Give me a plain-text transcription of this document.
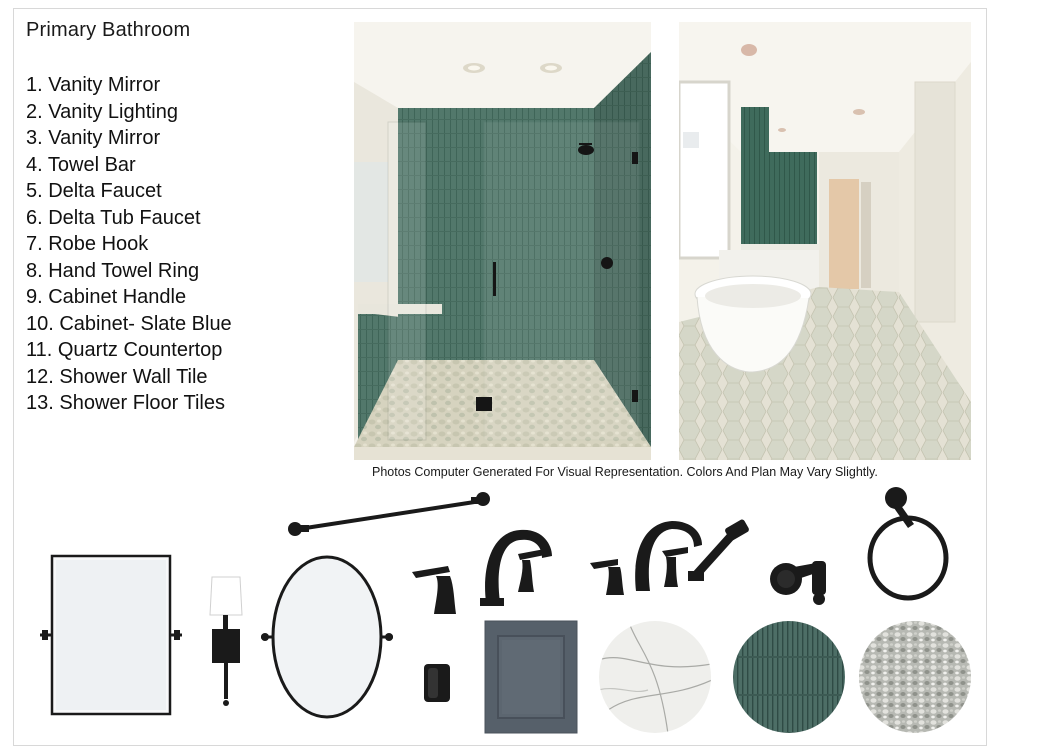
Primary Bathroom
1. Vanity Mirror
2. Vanity Lighting
3. Vanity Mirror
4. Towel Bar
5. Delta Faucet
6. Delta Tub Faucet
7. Robe Hook
8. Hand Towel Ring
9. Cabinet Handle
10. Cabinet- Slate Blue
11. Quartz Countertop
12. Shower Wall Tile
13. Shower Floor Tiles
Photos Computer Generated For Visual Representation. Colors And Plan May Vary Slightly.
